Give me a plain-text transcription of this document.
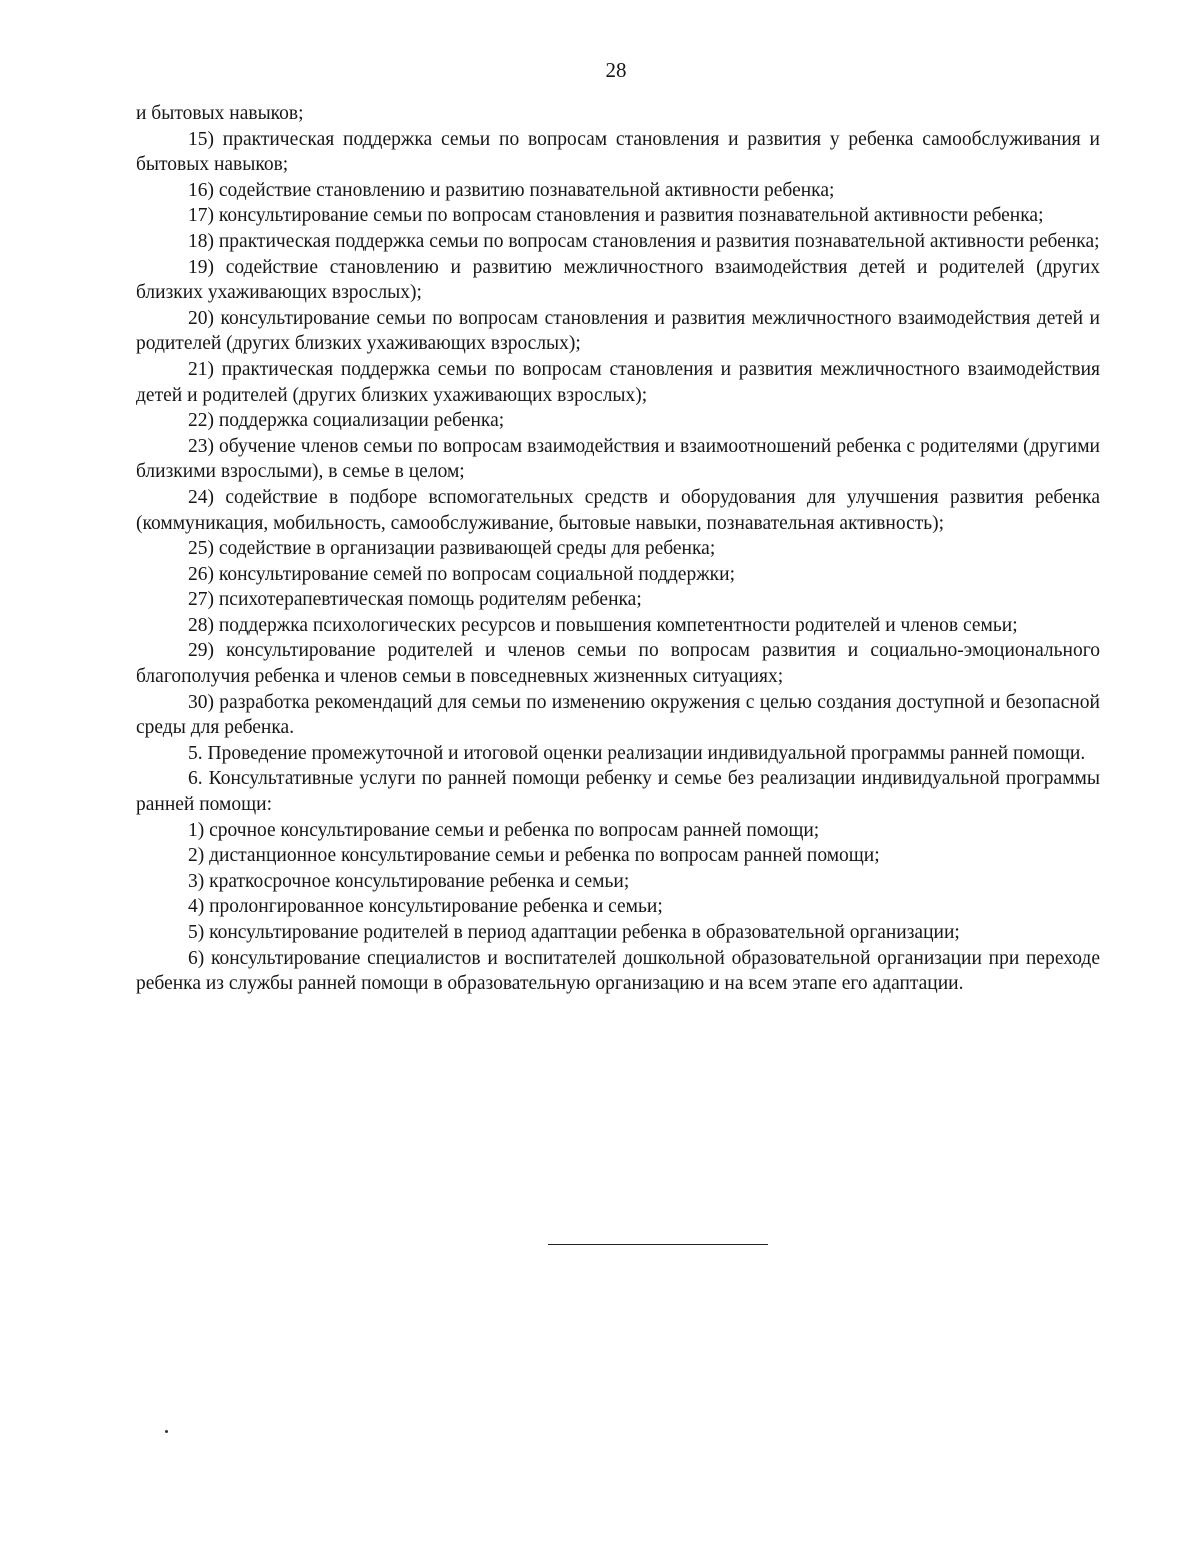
28

и бытовых навыков;

15) практическая поддержка семьи по вопросам становления и развития у ребенка самообслуживания и бытовых навыков;

16) содействие становлению и развитию познавательной активности ребенка;

17) консультирование семьи по вопросам становления и развития познавательной активности ребенка;

18) практическая поддержка семьи по вопросам становления и развития познавательной активности ребенка;

19) содействие становлению и развитию межличностного взаимодействия детей и родителей (других близких ухаживающих взрослых);

20) консультирование семьи по вопросам становления и развития межличностного взаимодействия детей и родителей (других близких ухаживающих взрослых);

21) практическая поддержка семьи по вопросам становления и развития межличностного взаимодействия детей и родителей (других близких ухаживающих взрослых);

22) поддержка социализации ребенка;

23) обучение членов семьи по вопросам взаимодействия и взаимоотношений ребенка с родителями (другими близкими взрослыми), в семье в целом;

24) содействие в подборе вспомогательных средств и оборудования для улучшения развития ребенка (коммуникация, мобильность, самообслуживание, бытовые навыки, познавательная активность);

25) содействие в организации развивающей среды для ребенка;

26) консультирование семей по вопросам социальной поддержки;

27) психотерапевтическая помощь родителям ребенка;

28) поддержка психологических ресурсов и повышения компетентности родителей и членов семьи;

29) консультирование родителей и членов семьи по вопросам развития и социально-эмоционального благополучия ребенка и членов семьи в повседневных жизненных ситуациях;

30) разработка рекомендаций для семьи по изменению окружения с целью создания доступной и безопасной среды для ребенка.

5. Проведение промежуточной и итоговой оценки реализации индивидуальной программы ранней помощи.

6. Консультативные услуги по ранней помощи ребенку и семье без реализации индивидуальной программы ранней помощи:

1) срочное консультирование семьи и ребенка по вопросам ранней помощи;

2) дистанционное консультирование семьи и ребенка по вопросам ранней помощи;

3) краткосрочное консультирование ребенка и семьи;

4) пролонгированное консультирование ребенка и семьи;

5) консультирование родителей в период адаптации ребенка в образовательной организации;

6) консультирование специалистов и воспитателей дошкольной образовательной организации при переходе ребенка из службы ранней помощи в образовательную организацию и на всем этапе его адаптации.
